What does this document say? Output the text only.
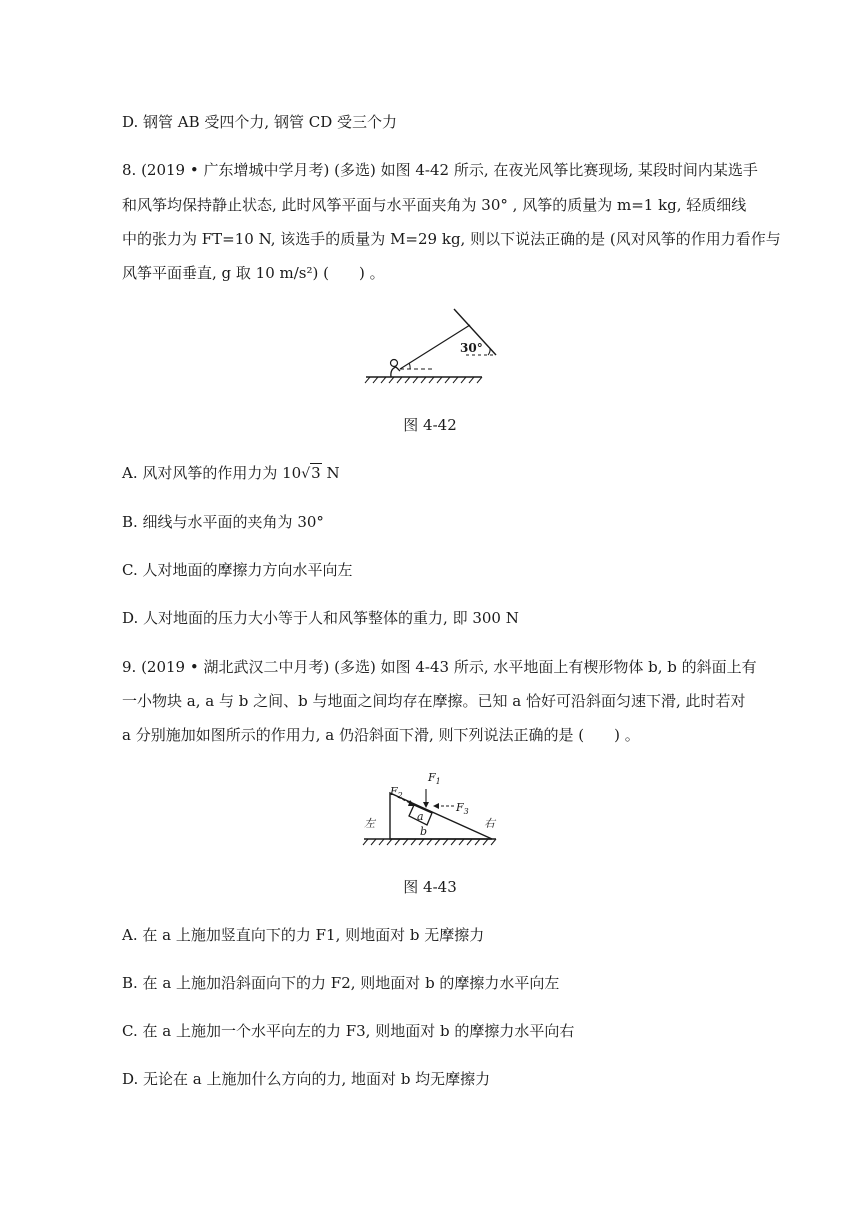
D. 钢管 AB 受四个力, 钢管 CD 受三个力
8. (2019 • 广东增城中学月考) (多选) 如图 4-42 所示, 在夜光风筝比赛现场, 某段时间内某选手
和风筝均保持静止状态, 此时风筝平面与水平面夹角为 30° , 风筝的质量为 m=1 kg, 轻质细线
中的张力为 FT=10 N, 该选手的质量为 M=29 kg, 则以下说法正确的是 (风对风筝的作用力看作与
风筝平面垂直, g 取 10 m/s²) (　　) 。
30°
图 4-42
A. 风对风筝的作用力为 10√3 N
B. 细线与水平面的夹角为 30°
C. 人对地面的摩擦力方向水平向左
D. 人对地面的压力大小等于人和风筝整体的重力, 即 300 N
9. (2019 • 湖北武汉二中月考) (多选) 如图 4-43 所示, 水平地面上有楔形物体 b, b 的斜面上有
一小物块 a, a 与 b 之间、b 与地面之间均存在摩擦。已知 a 恰好可沿斜面匀速下滑, 此时若对
a 分别施加如图所示的作用力, a 仍沿斜面下滑, 则下列说法正确的是 (　　) 。
$F_1$
$F_2$
$F_3$
a
b
左	右
图 4-43
A. 在 a 上施加竖直向下的力 F1, 则地面对 b 无摩擦力
B. 在 a 上施加沿斜面向下的力 F2, 则地面对 b 的摩擦力水平向左
C. 在 a 上施加一个水平向左的力 F3, 则地面对 b 的摩擦力水平向右
D. 无论在 a 上施加什么方向的力, 地面对 b 均无摩擦力
